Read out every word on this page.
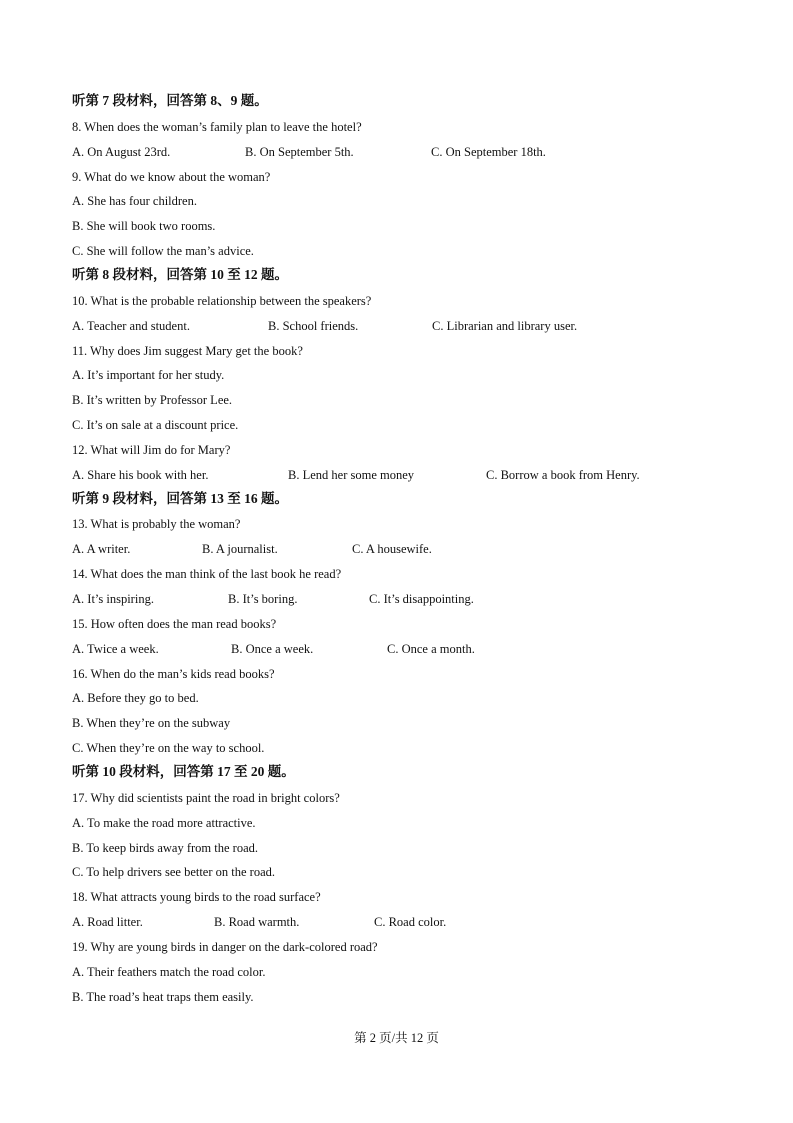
听第 7 段材料，回答第 8、9 题。
8. When does the woman’s family plan to leave the hotel?
A. On August 23rd.	B. On September 5th.	C. On September 18th.
9. What do we know about the woman?
A. She has four children.
B. She will book two rooms.
C. She will follow the man’s advice.
听第 8 段材料，回答第 10 至 12 题。
10. What is the probable relationship between the speakers?
A. Teacher and student.	B. School friends.	C. Librarian and library user.
11. Why does Jim suggest Mary get the book?
A. It’s important for her study.
B. It’s written by Professor Lee.
C. It’s on sale at a discount price.
12. What will Jim do for Mary?
A. Share his book with her.	B. Lend her some money	C. Borrow a book from Henry.
听第 9 段材料，回答第 13 至 16 题。
13. What is probably the woman?
A. A writer.	B. A journalist.	C. A housewife.
14. What does the man think of the last book he read?
A. It’s inspiring.	B. It’s boring.	C. It’s disappointing.
15. How often does the man read books?
A. Twice a week.	B. Once a week.	C. Once a month.
16. When do the man’s kids read books?
A. Before they go to bed.
B. When they’re on the subway
C. When they’re on the way to school.
听第 10 段材料，回答第 17 至 20 题。
17. Why did scientists paint the road in bright colors?
A. To make the road more attractive.
B. To keep birds away from the road.
C. To help drivers see better on the road.
18. What attracts young birds to the road surface?
A. Road litter.	B. Road warmth.	C. Road color.
19. Why are young birds in danger on the dark-colored road?
A. Their feathers match the road color.
B. The road’s heat traps them easily.
第 2 页/共 12 页
